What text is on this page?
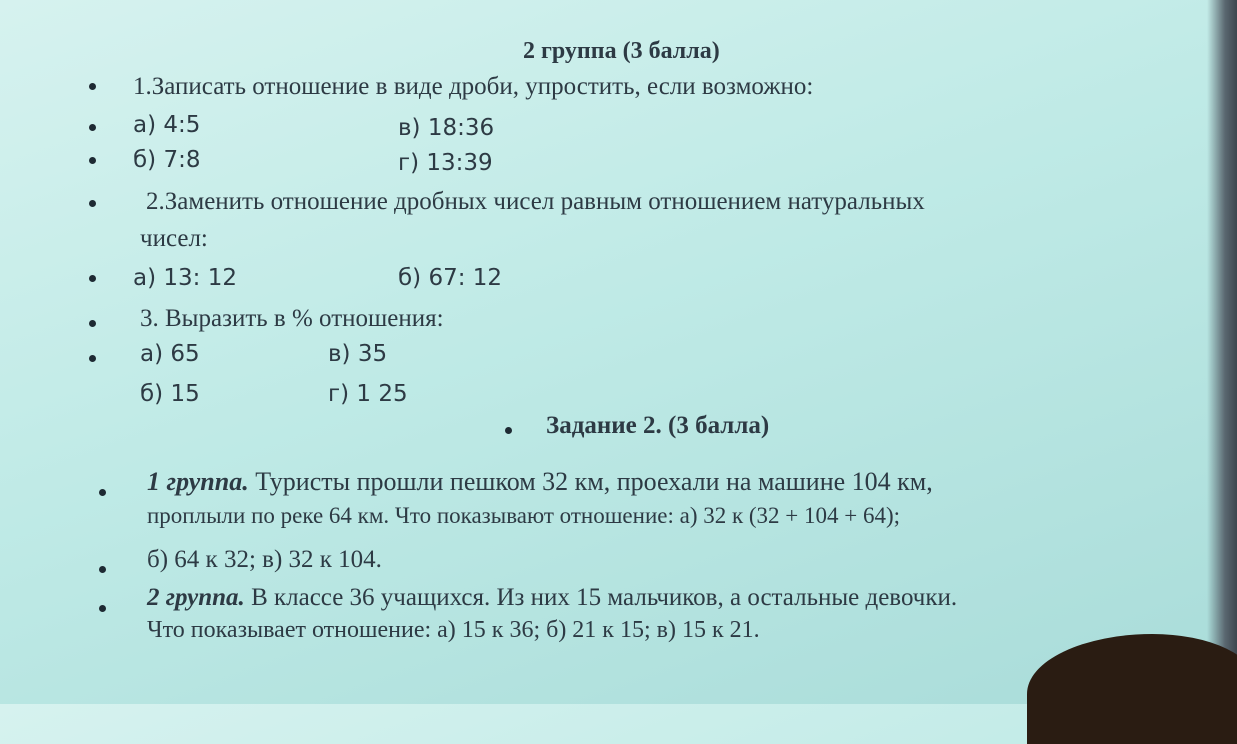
2 группа (3 балла)
1.Записать отношение в виде дроби, упростить, если возможно:
а) 4:5	в) 18:36
б) 7:8	г) 13:39
2.Заменить отношение дробных чисел равным отношением натуральных
чисел:
а) 13: 12	б) 67: 12
3. Выразить в % отношения:
а) 65	в) 35
б) 15	г) 1 25
Задание 2. (3 балла)
1 группа. Туристы прошли пешком 32 км, проехали на машине 104 км,
проплыли по реке 64 км. Что показывают отношение: а) 32 к (32 + 104 + 64);
б) 64 к 32; в) 32 к 104.
2 группа. В классе 36 учащихся. Из них 15 мальчиков, а остальные девочки.
Что показывает отношение: а) 15 к 36; б) 21 к 15; в) 15 к 21.
